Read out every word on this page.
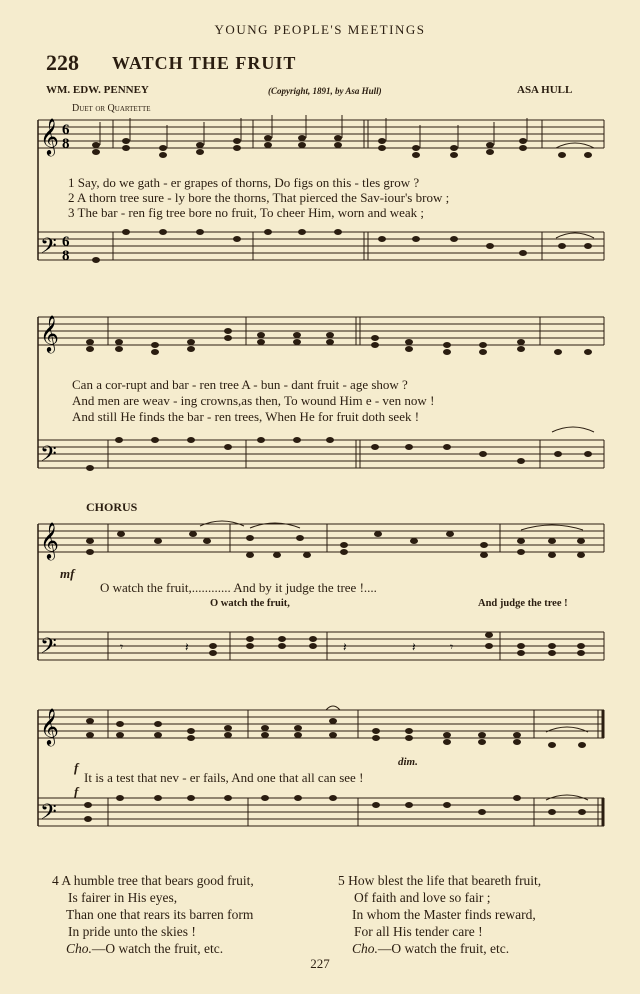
YOUNG PEOPLE'S MEETINGS
228 WATCH THE FRUIT
WM. EDW. PENNEY	(Copyright, 1891, by Asa Hull)	ASA HULL
Duet or Quartette
𝄞 6
8
𝄢 6
8
1 Say, do we gath - er grapes of thorns, Do figs on this - tles grow ?
2 A thorn tree sure - ly bore the thorns, That pierced the Sav-iour's brow ;
3 The bar - ren fig tree bore no fruit, To cheer Him, worn and weak ;
𝄞
𝄢
Can a cor-rupt and bar - ren tree A - bun - dant fruit - age show ?
And men are weav - ing crowns,as then, To wound Him e - ven now !
And still He finds the bar - ren trees, When He for fruit doth seek !
CHORUS
𝄞
𝄢	𝄾	𝄽	𝄽	𝄽	𝄾
mf
O watch the fruit,............ And by it judge the tree !....
O watch the fruit,	And judge the tree !
𝄞
𝄢
f	dim.
It is a test that nev - er fails, And one that all can see !
f
4 A humble tree that bears good fruit,
Is fairer in His eyes,
Than one that rears its barren form
In pride unto the skies !
Cho.—O watch the fruit, etc.
5 How blest the life that beareth fruit,
Of faith and love so fair ;
In whom the Master finds reward,
For all His tender care !
Cho.—O watch the fruit, etc.
227
